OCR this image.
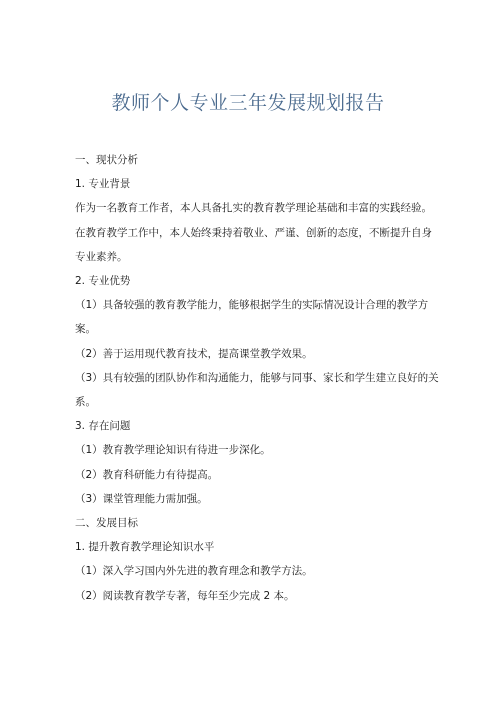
教师个人专业三年发展规划报告
一、现状分析
1. 专业背景
作为一名教育工作者，本人具备扎实的教育教学理论基础和丰富的实践经验。
在教育教学工作中，本人始终秉持着敬业、严谨、创新的态度，不断提升自身
专业素养。
2. 专业优势
（1）具备较强的教育教学能力，能够根据学生的实际情况设计合理的教学方
案。
（2）善于运用现代教育技术，提高课堂教学效果。
（3）具有较强的团队协作和沟通能力，能够与同事、家长和学生建立良好的关
系。
3. 存在问题
（1）教育教学理论知识有待进一步深化。
（2）教育科研能力有待提高。
（3）课堂管理能力需加强。
二、发展目标
1. 提升教育教学理论知识水平
（1）深入学习国内外先进的教育理念和教学方法。
（2）阅读教育教学专著，每年至少完成 2 本。
